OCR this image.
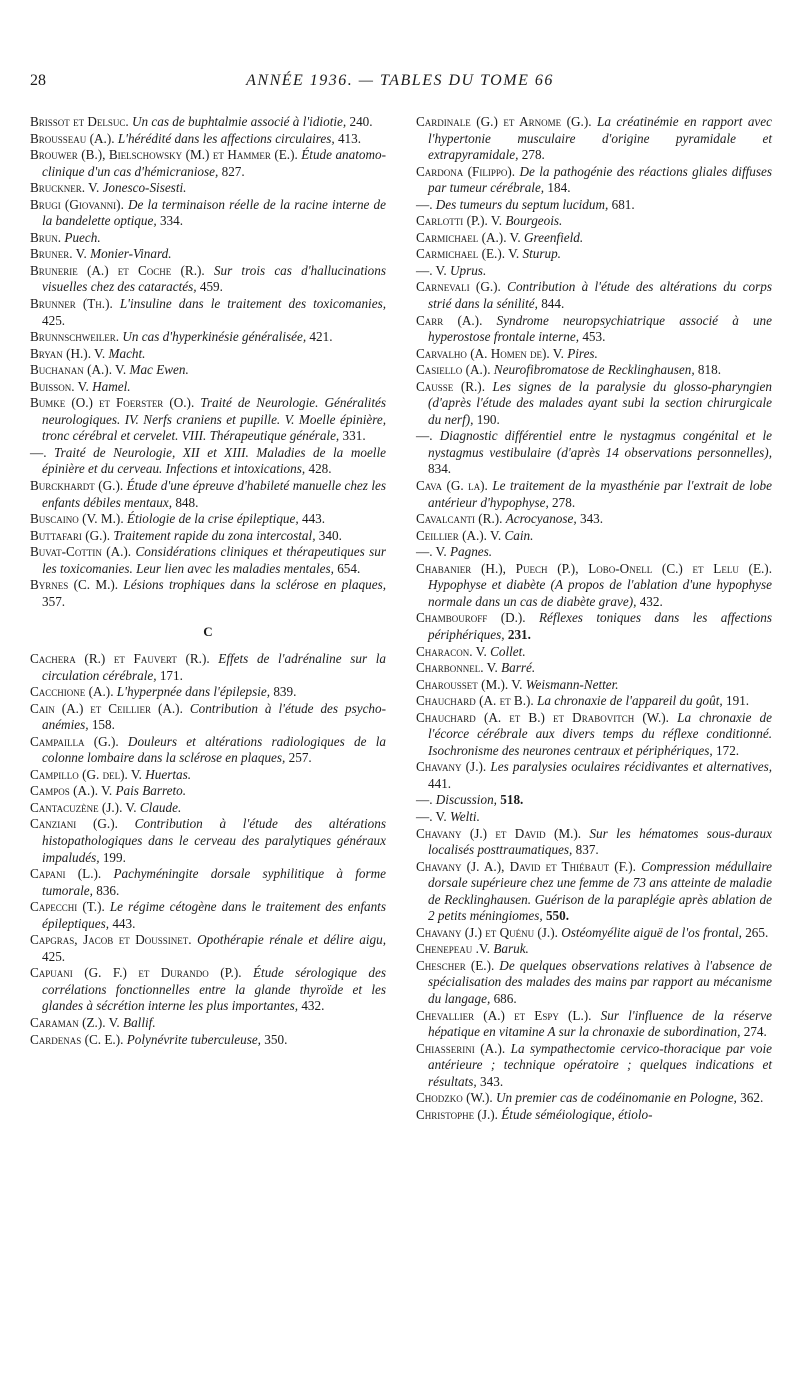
28	ANNÉE 1936. — TABLES DU TOME 66

Brissot et Delsuc. Un cas de buphtalmie associé à l'idiotie, 240.

Brousseau (A.). L'hérédité dans les affections circulaires, 413.

Brouwer (B.), Bielschowsky (M.) et Hammer (E.). Étude anatomo-clinique d'un cas d'hémicraniose, 827.

Bruckner. V. Jonesco-Sisesti.

Brugi (Giovanni). De la terminaison réelle de la racine interne de la bandelette optique, 334.

Brun. Puech.

Bruner. V. Monier-Vinard.

Brunerie (A.) et Coche (R.). Sur trois cas d'hallucinations visuelles chez des cataractés, 459.

Brunner (Th.). L'insuline dans le traitement des toxicomanies, 425.

Brunnschweiler. Un cas d'hyperkinésie généralisée, 421.

Bryan (H.). V. Macht.

Buchanan (A.). V. Mac Ewen.

Buisson. V. Hamel.

Bumke (O.) et Foerster (O.). Traité de Neurologie. Généralités neurologiques. IV. Nerfs craniens et pupille. V. Moelle épinière, tronc cérébral et cervelet. VIII. Thérapeutique générale, 331.

—. Traité de Neurologie, XII et XIII. Maladies de la moelle épinière et du cerveau. Infections et intoxications, 428.

Burckhardt (G.). Étude d'une épreuve d'habileté manuelle chez les enfants débiles mentaux, 848.

Buscaino (V. M.). Étiologie de la crise épileptique, 443.

Buttafari (G.). Traitement rapide du zona intercostal, 340.

Buvat-Cottin (A.). Considérations cliniques et thérapeutiques sur les toxicomanies. Leur lien avec les maladies mentales, 654.

Byrnes (C. M.). Lésions trophiques dans la sclérose en plaques, 357.

C

Cachera (R.) et Fauvert (R.). Effets de l'adrénaline sur la circulation cérébrale, 171.

Cacchione (A.). L'hyperpnée dans l'épilepsie, 839.

Cain (A.) et Ceillier (A.). Contribution à l'étude des psycho-anémies, 158.

Campailla (G.). Douleurs et altérations radiologiques de la colonne lombaire dans la sclérose en plaques, 257.

Campillo (G. del). V. Huertas.

Campos (A.). V. Pais Barreto.

Cantacuzène (J.). V. Claude.

Canziani (G.). Contribution à l'étude des altérations histopathologiques dans le cerveau des paralytiques généraux impaludés, 199.

Capani (L.). Pachyméningite dorsale syphilitique à forme tumorale, 836.

Capecchi (T.). Le régime cétogène dans le traitement des enfants épileptiques, 443.

Capgras, Jacob et Doussinet. Opothérapie rénale et délire aigu, 425.

Capuani (G. F.) et Durando (P.). Étude sérologique des corrélations fonctionnelles entre la glande thyroïde et les glandes à sécrétion interne les plus importantes, 432.

Caraman (Z.). V. Ballif.

Cardenas (C. E.). Polynévrite tuberculeuse, 350.

Cardinale (G.) et Arnome (G.). La créatinémie en rapport avec l'hypertonie musculaire d'origine pyramidale et extrapyramidale, 278.

Cardona (Filippo). De la pathogénie des réactions gliales diffuses par tumeur cérébrale, 184.

—. Des tumeurs du septum lucidum, 681.

Carlotti (P.). V. Bourgeois.

Carmichael (A.). V. Greenfield.

Carmichael (E.). V. Sturup.

—. V. Uprus.

Carnevali (G.). Contribution à l'étude des altérations du corps strié dans la sénilité, 844.

Carr (A.). Syndrome neuropsychiatrique associé à une hyperostose frontale interne, 453.

Carvalho (A. Homen de). V. Pires.

Casiello (A.). Neurofibromatose de Recklinghausen, 818.

Causse (R.). Les signes de la paralysie du glosso-pharyngien (d'après l'étude des malades ayant subi la section chirurgicale du nerf), 190.

—. Diagnostic différentiel entre le nystagmus congénital et le nystagmus vestibulaire (d'après 14 observations personnelles), 834.

Cava (G. la). Le traitement de la myasthénie par l'extrait de lobe antérieur d'hypophyse, 278.

Cavalcanti (R.). Acrocyanose, 343.

Ceillier (A.). V. Cain.

—. V. Pagnes.

Chabanier (H.), Puech (P.), Lobo-Onell (C.) et Lelu (E.). Hypophyse et diabète (A propos de l'ablation d'une hypophyse normale dans un cas de diabète grave), 432.

Chambouroff (D.). Réflexes toniques dans les affections périphériques, 231.

Characon. V. Collet.

Charbonnel. V. Barré.

Charousset (M.). V. Weismann-Netter.

Chauchard (A. et B.). La chronaxie de l'appareil du goût, 191.

Chauchard (A. et B.) et Drabovitch (W.). La chronaxie de l'écorce cérébrale aux divers temps du réflexe conditionné. Isochronisme des neurones centraux et périphériques, 172.

Chavany (J.). Les paralysies oculaires récidivantes et alternatives, 441.

—. Discussion, 518.

—. V. Welti.

Chavany (J.) et David (M.). Sur les hématomes sous-duraux localisés posttraumatiques, 837.

Chavany (J. A.), David et Thiébaut (F.). Compression médullaire dorsale supérieure chez une femme de 73 ans atteinte de maladie de Recklinghausen. Guérison de la paraplégie après ablation de 2 petits méningiomes, 550.

Chavany (J.) et Quénu (J.). Ostéomyélite aiguë de l'os frontal, 265.

Chenepeau .V. Baruk.

Chescher (E.). De quelques observations relatives à l'absence de spécialisation des malades des mains par rapport au mécanisme du langage, 686.

Chevallier (A.) et Espy (L.). Sur l'influence de la réserve hépatique en vitamine A sur la chronaxie de subordination, 274.

Chiasserini (A.). La sympathectomie cervico-thoracique par voie antérieure ; technique opératoire ; quelques indications et résultats, 343.

Chodzko (W.). Un premier cas de codéinomanie en Pologne, 362.

Christophe (J.). Étude séméiologique, étiolo-
